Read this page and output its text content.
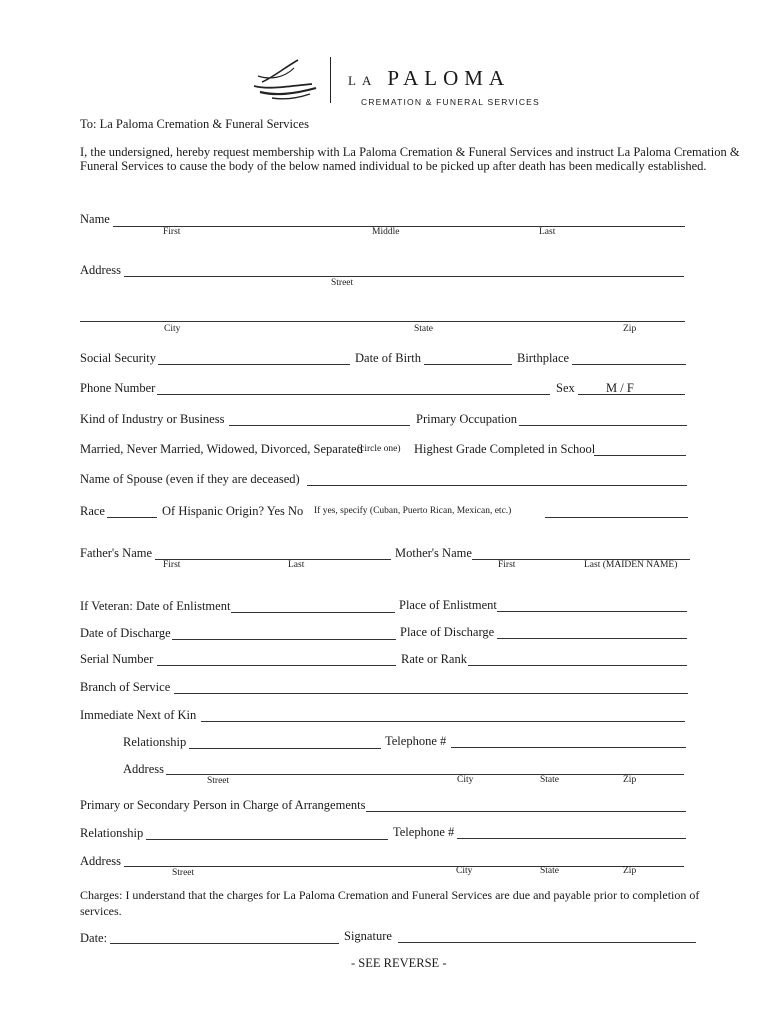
LA PALOMA
CREMATION & FUNERAL SERVICES
To: La Paloma Cremation & Funeral Services
I, the undersigned, hereby request membership with La Paloma Cremation & Funeral Services and instruct La Paloma Cremation &
Funeral Services to cause the body of the below named individual to be picked up after death has been medically established.
Name
First	Middle	Last
Address
Street
City	State	Zip
Social Security	Date of Birth	Birthplace
Phone Number	Sex	M / F
Kind of Industry or Business	Primary Occupation
Married, Never Married, Widowed, Divorced, Separated
(circle one) Highest Grade Completed in School
Name of Spouse (even if they are deceased)
Race	Of Hispanic Origin? Yes No If yes, specify (Cuban, Puerto Rican, Mexican, etc.)
Father's Name
First	Last
Mother's Name
First	Last (MAIDEN NAME)
If Veteran: Date of Enlistment	Place of Enlistment
Date of Discharge	Place of Discharge
Serial Number	Rate or Rank
Branch of Service
Immediate Next of Kin
Relationship	Telephone #
Address
Street	City	State	Zip
Primary or Secondary Person in Charge of Arrangements
Relationship	Telephone #
Address
Street	City	State	Zip
Charges: I understand that the charges for La Paloma Cremation and Funeral Services are due and payable prior to completion of
services.
Date:	Signature
- SEE REVERSE -
